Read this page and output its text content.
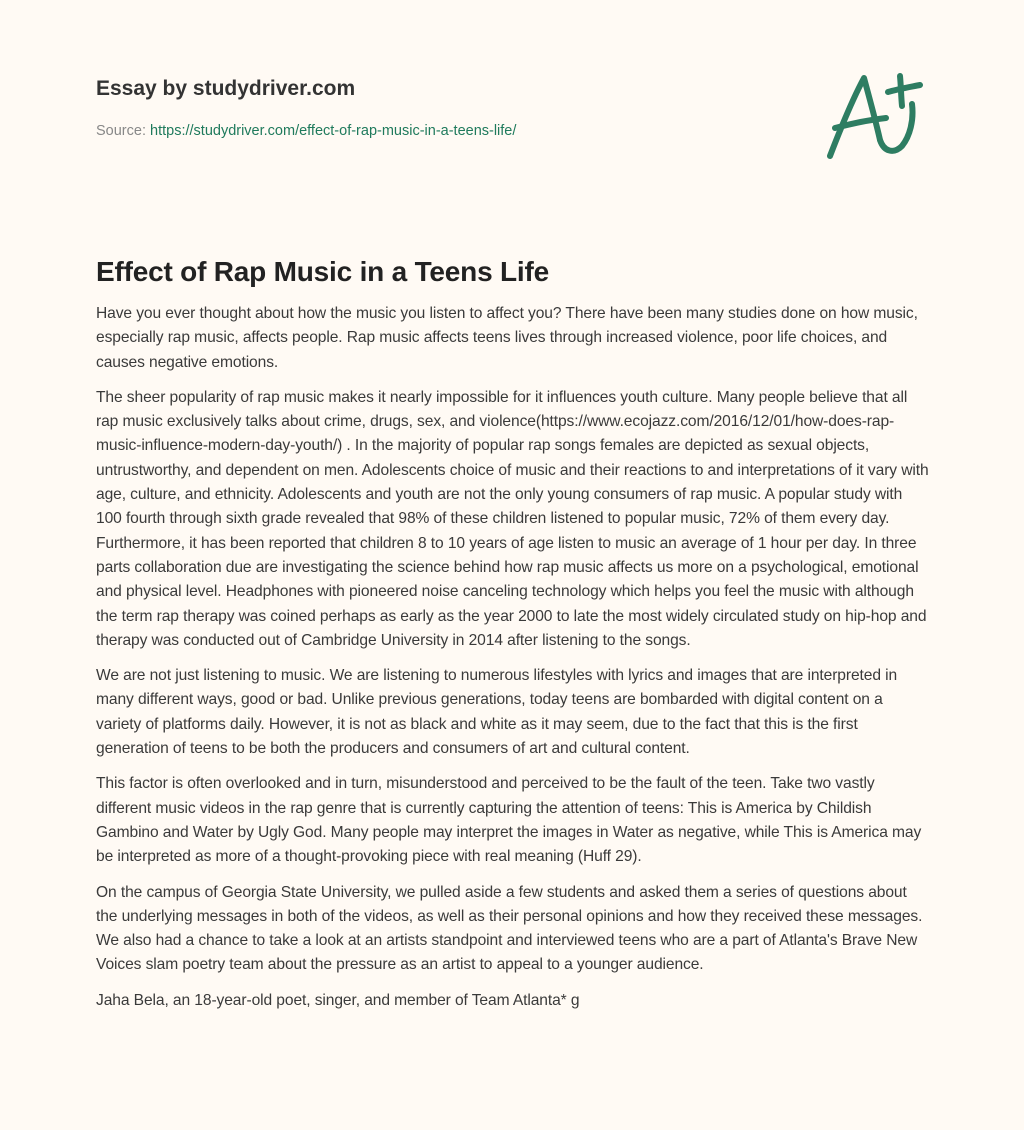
Essay by studydriver.com

Source: https://studydriver.com/effect-of-rap-music-in-a-teens-life/
Effect of Rap Music in a Teens Life

Have you ever thought about how the music you listen to affect you? There have been many studies done on how music, especially rap music, affects people. Rap music affects teens lives through increased violence, poor life choices, and causes negative emotions.

The sheer popularity of rap music makes it nearly impossible for it influences youth culture. Many people believe that all rap music exclusively talks about crime, drugs, sex, and violence(https://www.ecojazz.com/2016/12/01/how-does-rap-music-influence-modern-day-youth/) . In the majority of popular rap songs females are depicted as sexual objects, untrustworthy, and dependent on men. Adolescents choice of music and their reactions to and interpretations of it vary with age, culture, and ethnicity. Adolescents and youth are not the only young consumers of rap music. A popular study with 100 fourth through sixth grade revealed that 98% of these children listened to popular music, 72% of them every day. Furthermore, it has been reported that children 8 to 10 years of age listen to music an average of 1 hour per day. In three parts collaboration due are investigating the science behind how rap music affects us more on a psychological, emotional and physical level. Headphones with pioneered noise canceling technology which helps you feel the music with although the term rap therapy was coined perhaps as early as the year 2000 to late the most widely circulated study on hip-hop and therapy was conducted out of Cambridge University in 2014 after listening to the songs.

We are not just listening to music. We are listening to numerous lifestyles with lyrics and images that are interpreted in many different ways, good or bad. Unlike previous generations, today teens are bombarded with digital content on a variety of platforms daily. However, it is not as black and white as it may seem, due to the fact that this is the first generation of teens to be both the producers and consumers of art and cultural content.

This factor is often overlooked and in turn, misunderstood and perceived to be the fault of the teen. Take two vastly different music videos in the rap genre that is currently capturing the attention of teens: This is America by Childish Gambino and Water by Ugly God. Many people may interpret the images in Water as negative, while This is America may be interpreted as more of a thought-provoking piece with real meaning (Huff 29).

On the campus of Georgia State University, we pulled aside a few students and asked them a series of questions about the underlying messages in both of the videos, as well as their personal opinions and how they received these messages. We also had a chance to take a look at an artists standpoint and interviewed teens who are a part of Atlanta's Brave New Voices slam poetry team about the pressure as an artist to appeal to a younger audience.

Jaha Bela, an 18-year-old poet, singer, and member of Team Atlanta* g
